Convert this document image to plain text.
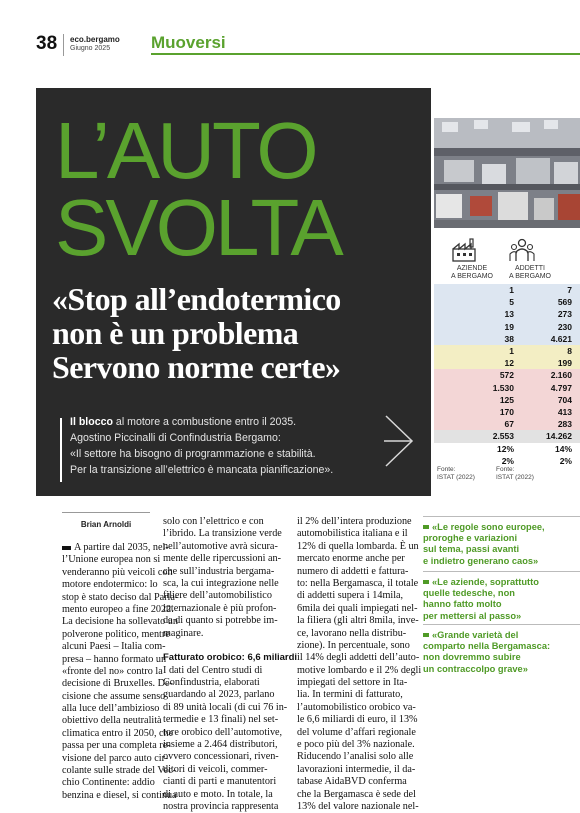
38 eco.bergamo
Giugno 2025 Muoversi
L’AUTO
SVOLTA
«Stop all’endotermico
non è un problema
Servono norme certe»
Il blocco al motore a combustione entro il 2035.
Agostino Piccinalli di Confindustria Bergamo:
«Il settore ha bisogno di programmazione e stabilità.
Per la transizione all’elettrico è mancata pianificazione».
AZIENDE
A BERGAMO
ADDETTI
A BERGAMO
1	7
5	569
13	273
19	230
38	4.621
1	8
12	199
572	2.160
1.530	4.797
125	704
170	413
67	283
2.553	14.262
12%	14%
2%	2%
Fonte:
ISTAT (2022)
Fonte:
ISTAT (2022)
Brian Arnoldi
A partire dal 2035, nel-
l’Unione europea non si
venderanno più veicoli con
motore endotermico: lo
stop è stato deciso dal Parla-
mento europeo a fine 2022.
La decisione ha sollevato un
polverone politico, mentre
alcuni Paesi – Italia com-
presa – hanno formato un
«fronte del no» contro la
decisione di Bruxelles. De-
cisione che assume senso
alla luce dell’ambizioso
obiettivo della neutralità
climatica entro il 2050, che
passa per una completa re-
visione del parco auto cir-
colante sulle strade del Vec-
chio Continente: addio
benzina e diesel, si continua
solo con l’elettrico e con
l’ibrido. La transizione verde
nell’automotive avrà sicura-
mente delle ripercussioni an-
che sull’industria bergama-
sca, la cui integrazione nelle
filiere dell’automobilistico
internazionale è più profon-
da di quanto si potrebbe im-
maginare.
Fatturato orobico: 6,6 miliardi
I dati del Centro studi di
Confindustria, elaborati
guardando al 2023, parlano
di 89 unità locali (di cui 76 in-
termedie e 13 finali) nel set-
tore orobico dell’automotive,
insieme a 2.464 distributori,
ovvero concessionari, riven-
ditori di veicoli, commer-
cianti di parti e manutentori
di auto e moto. In totale, la
nostra provincia rappresenta
il 2% dell’intera produzione
automobilistica italiana e il
12% di quella lombarda. È un
mercato enorme anche per
numero di addetti e fattura-
to: nella Bergamasca, il totale
di addetti supera i 14mila,
6mila dei quali impiegati nel-
la filiera (gli altri 8mila, inve-
ce, lavorano nella distribu-
zione). In percentuale, sono
il 14% degli addetti dell’auto-
motive lombardo e il 2% degli
impiegati del settore in Ita-
lia. In termini di fatturato,
l’automobilistico orobico va-
le 6,6 miliardi di euro, il 13%
del volume d’affari regionale
e poco più del 3% nazionale.
Riducendo l’analisi solo alle
lavorazioni intermedie, il da-
tabase AidaBVD conferma
che la Bergamasca è sede del
13% del valore nazionale nel-
«Le regole sono europee,
proroghe e variazioni
sul tema, passi avanti
e indietro generano caos»
«Le aziende, soprattutto
quelle tedesche, non
hanno fatto molto
per mettersi al passo»
«Grande varietà del
comparto nella Bergamasca:
non dovremmo subire
un contraccolpo grave»
